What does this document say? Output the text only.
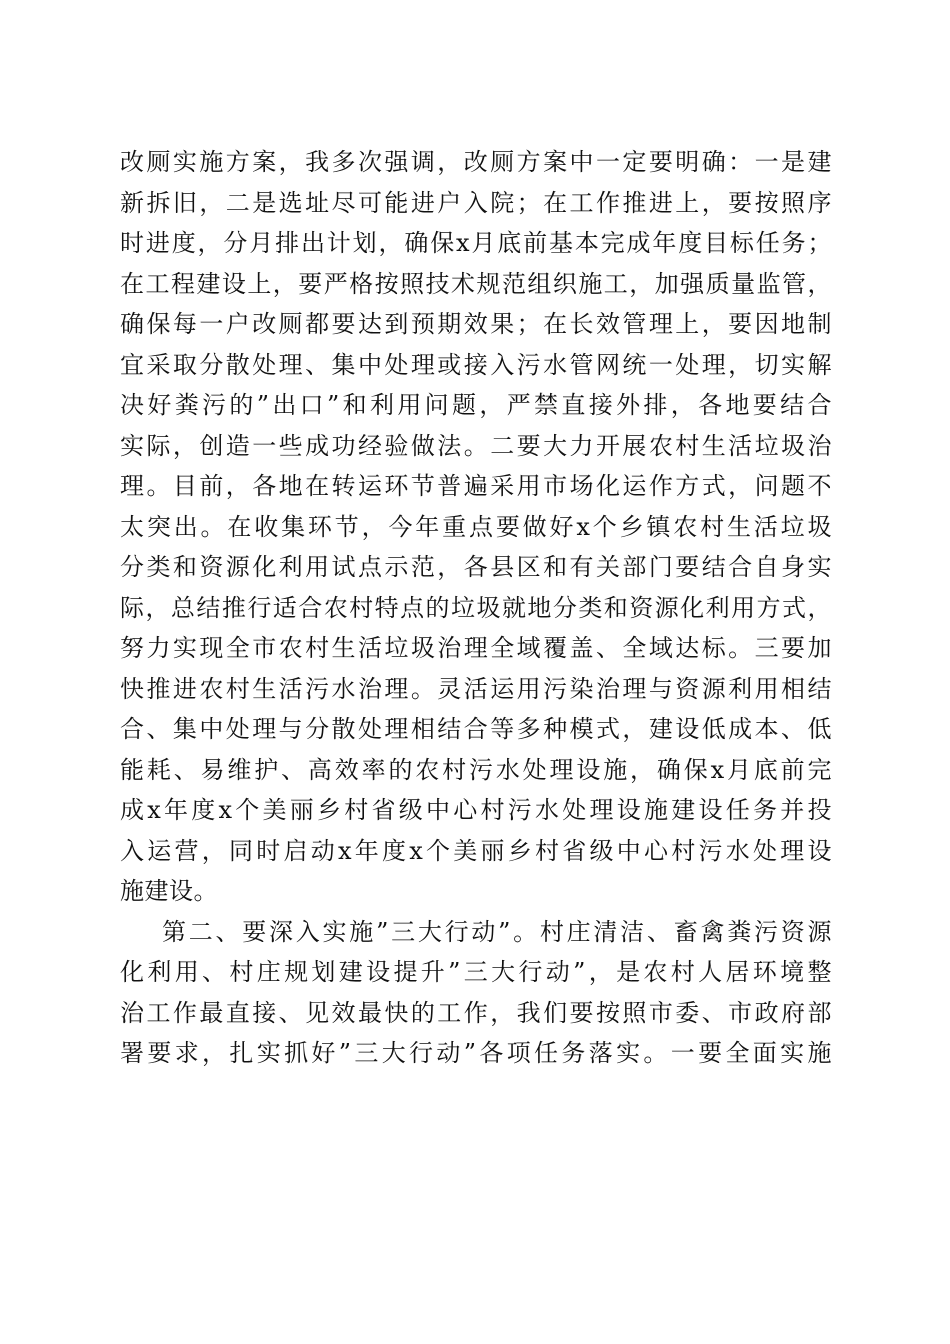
改厕实施方案，我多次强调，改厕方案中一定要明确：一是建
新拆旧，二是选址尽可能进户入院；在工作推进上，要按照序
时进度，分月排出计划，确保x月底前基本完成年度目标任务；
在工程建设上，要严格按照技术规范组织施工，加强质量监管，
确保每一户改厕都要达到预期效果；在长效管理上，要因地制
宜采取分散处理、集中处理或接入污水管网统一处理，切实解
决好粪污的”出口”和利用问题，严禁直接外排，各地要结合
实际，创造一些成功经验做法。二要大力开展农村生活垃圾治
理。目前，各地在转运环节普遍采用市场化运作方式，问题不
太突出。在收集环节，今年重点要做好x个乡镇农村生活垃圾
分类和资源化利用试点示范，各县区和有关部门要结合自身实
际，总结推行适合农村特点的垃圾就地分类和资源化利用方式，
努力实现全市农村生活垃圾治理全域覆盖、全域达标。三要加
快推进农村生活污水治理。灵活运用污染治理与资源利用相结
合、集中处理与分散处理相结合等多种模式，建设低成本、低
能耗、易维护、高效率的农村污水处理设施，确保x月底前完
成x年度x个美丽乡村省级中心村污水处理设施建设任务并投
入运营，同时启动x年度x个美丽乡村省级中心村污水处理设
施建设。
第二、要深入实施”三大行动”。村庄清洁、畜禽粪污资源
化利用、村庄规划建设提升”三大行动”，是农村人居环境整
治工作最直接、见效最快的工作，我们要按照市委、市政府部
署要求，扎实抓好”三大行动”各项任务落实。一要全面实施
